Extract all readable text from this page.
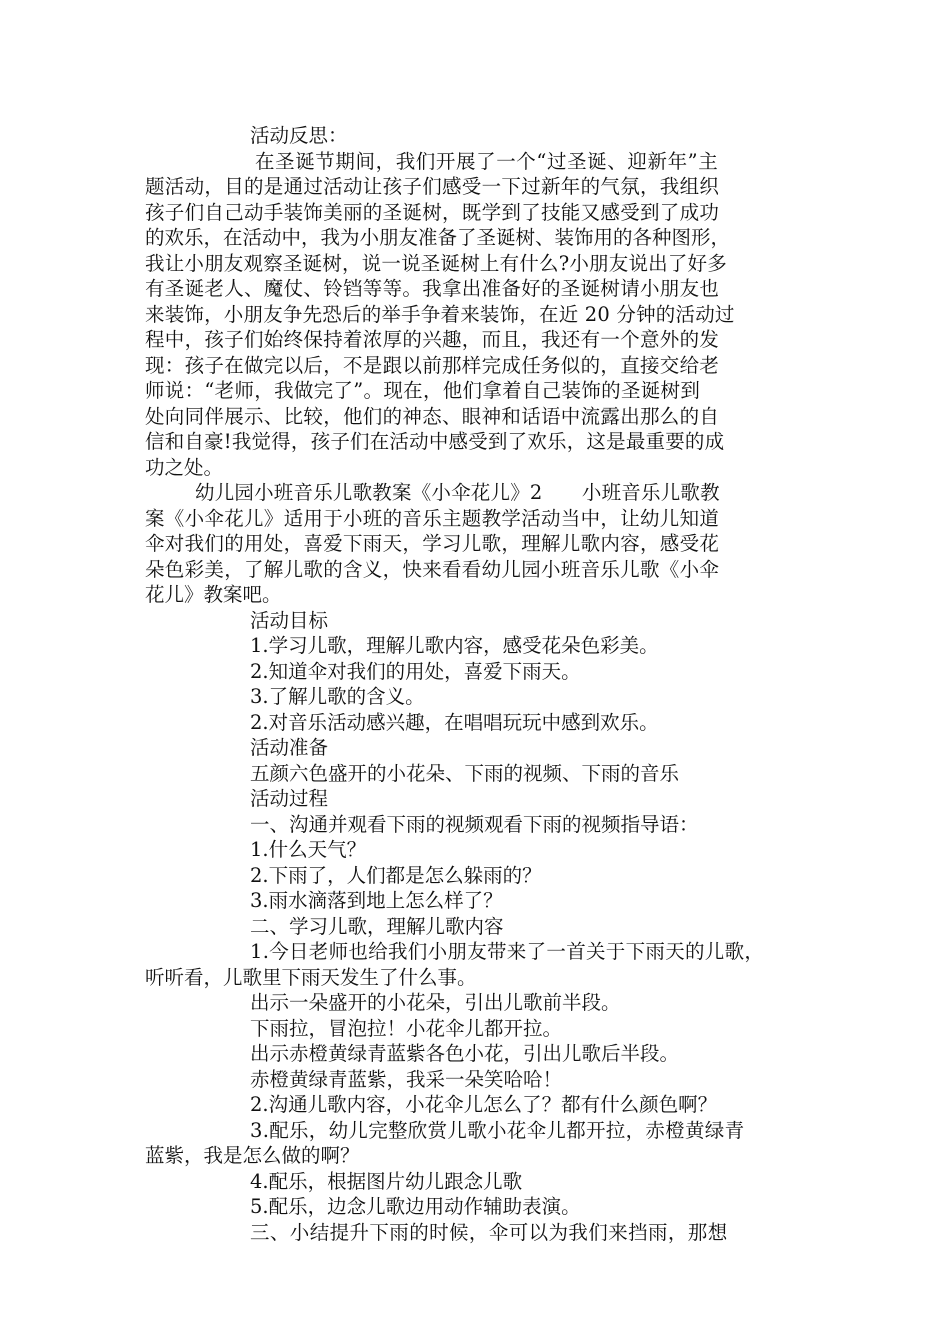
活动反思：
在圣诞节期间，我们开展了一个“过圣诞、迎新年”主
题活动，目的是通过活动让孩子们感受一下过新年的气氛，我组织
孩子们自己动手装饰美丽的圣诞树，既学到了技能又感受到了成功
的欢乐，在活动中，我为小朋友准备了圣诞树、装饰用的各种图形，
我让小朋友观察圣诞树，说一说圣诞树上有什么?小朋友说出了好多
有圣诞老人、魔仗、铃铛等等。我拿出准备好的圣诞树请小朋友也
来装饰，小朋友争先恐后的举手争着来装饰，在近 20 分钟的活动过
程中，孩子们始终保持着浓厚的兴趣，而且，我还有一个意外的发
现：孩子在做完以后，不是跟以前那样完成任务似的，直接交给老
师说：“老师，我做完了”。现在，他们拿着自己装饰的圣诞树到
处向同伴展示、比较，他们的神态、眼神和话语中流露出那么的自
信和自豪!我觉得，孩子们在活动中感受到了欢乐，这是最重要的成
功之处。
幼儿园小班音乐儿歌教案《小伞花儿》2　　小班音乐儿歌教
案《小伞花儿》适用于小班的音乐主题教学活动当中，让幼儿知道
伞对我们的用处，喜爱下雨天，学习儿歌，理解儿歌内容，感受花
朵色彩美，了解儿歌的含义，快来看看幼儿园小班音乐儿歌《小伞
花儿》教案吧。
活动目标
1.学习儿歌，理解儿歌内容，感受花朵色彩美。
2.知道伞对我们的用处，喜爱下雨天。
3.了解儿歌的含义。
2.对音乐活动感兴趣，在唱唱玩玩中感到欢乐。
活动准备
五颜六色盛开的小花朵、下雨的视频、下雨的音乐
活动过程
一、沟通并观看下雨的视频观看下雨的视频指导语：
1.什么天气？
2.下雨了，人们都是怎么躲雨的？
3.雨水滴落到地上怎么样了？
二、学习儿歌，理解儿歌内容
1.今日老师也给我们小朋友带来了一首关于下雨天的儿歌，
听听看，儿歌里下雨天发生了什么事。
出示一朵盛开的小花朵，引出儿歌前半段。
下雨拉，冒泡拉！小花伞儿都开拉。
出示赤橙黄绿青蓝紫各色小花，引出儿歌后半段。
赤橙黄绿青蓝紫，我采一朵笑哈哈！
2.沟通儿歌内容，小花伞儿怎么了？都有什么颜色啊？
3.配乐，幼儿完整欣赏儿歌小花伞儿都开拉，赤橙黄绿青
蓝紫，我是怎么做的啊？
4.配乐，根据图片幼儿跟念儿歌
5.配乐，边念儿歌边用动作辅助表演。
三、小结提升下雨的时候，伞可以为我们来挡雨，那想
